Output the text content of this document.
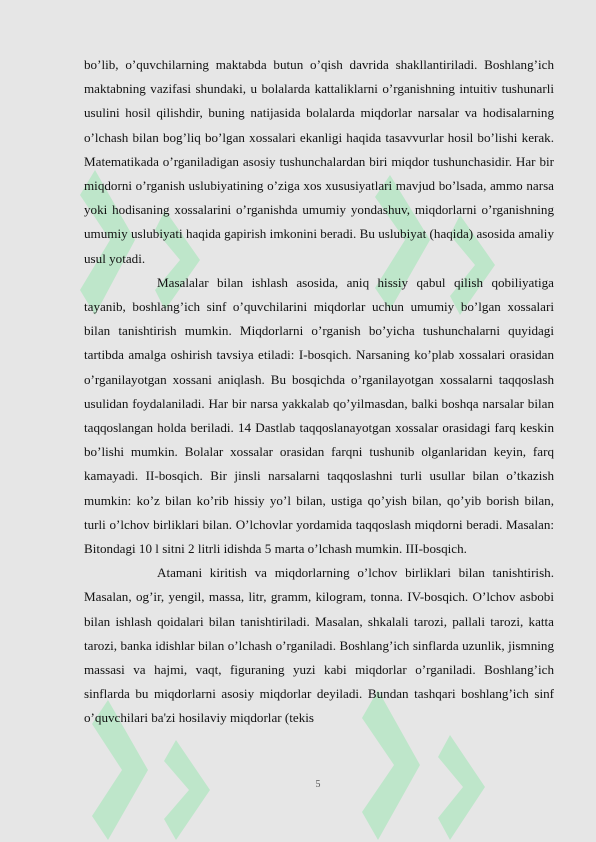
bo’lib, o’quvchilarning maktabda butun o’qish davrida shakllantiriladi. Boshlang’ich maktabning vazifasi shundaki, u bolalarda kattaliklarni o’rganishning intuitiv tushunarli usulini hosil qilishdir, buning natijasida bolalarda miqdorlar narsalar va hodisalarning o’lchash bilan bog’liq bo’lgan xossalari ekanligi haqida tasavvurlar hosil bo’lishi kerak. Matematikada o’rganiladigan asosiy tushunchalardan biri miqdor tushunchasidir. Har bir miqdorni o’rganish uslubiyatining o’ziga xos xususiyatlari mavjud bo’lsada, ammo narsa yoki hodisaning xossalarini o’rganishda umumiy yondashuv, miqdorlarni o’rganishning umumiy uslubiyati haqida gapirish imkonini beradi. Bu uslubiyat (haqida) asosida amaliy usul yotadi.

Masalalar bilan ishlash asosida, aniq hissiy qabul qilish qobiliyatiga tayanib, boshlang’ich sinf o’quvchilarini miqdorlar uchun umumiy bo’lgan xossalari bilan tanishtirish mumkin. Miqdorlarni o’rganish bo’yicha tushunchalarni quyidagi tartibda amalga oshirish tavsiya etiladi: I-bosqich. Narsaning ko’plab xossalari orasidan o’rganilayotgan xossani aniqlash. Bu bosqichda o’rganilayotgan xossalarni taqqoslash usulidan foydalaniladi. Har bir narsa yakkalab qo’yilmasdan, balki boshqa narsalar bilan taqqoslangan holda beriladi. 14 Dastlab taqqoslanayotgan xossalar orasidagi farq keskin bo’lishi mumkin. Bolalar xossalar orasidan farqni tushunib olganlaridan keyin, farq kamayadi. II-bosqich. Bir jinsli narsalarni taqqoslashni turli usullar bilan o’tkazish mumkin: ko’z bilan ko’rib hissiy yo’l bilan, ustiga qo’yish bilan, qo’yib borish bilan, turli o’lchov birliklari bilan. O’lchovlar yordamida taqqoslash miqdorni beradi. Masalan: Bitondagi 10 l sitni 2 litrli idishda 5 marta o’lchash mumkin. III-bosqich.

Atamani kiritish va miqdorlarning o’lchov birliklari bilan tanishtirish. Masalan, og’ir, yengil, massa, litr, gramm, kilogram, tonna. IV-bosqich. O’lchov asbobi bilan ishlash qoidalari bilan tanishtiriladi. Masalan, shkalali tarozi, pallali tarozi, katta tarozi, banka idishlar bilan o’lchash o’rganiladi. Boshlang’ich sinflarda uzunlik, jismning massasi va hajmi, vaqt, figuraning yuzi kabi miqdorlar o’rganiladi. Boshlang’ich sinflarda bu miqdorlarni asosiy miqdorlar deyiladi. Bundan tashqari boshlang’ich sinf o’quvchilari ba'zi hosilaviy miqdorlar (tekis

5
